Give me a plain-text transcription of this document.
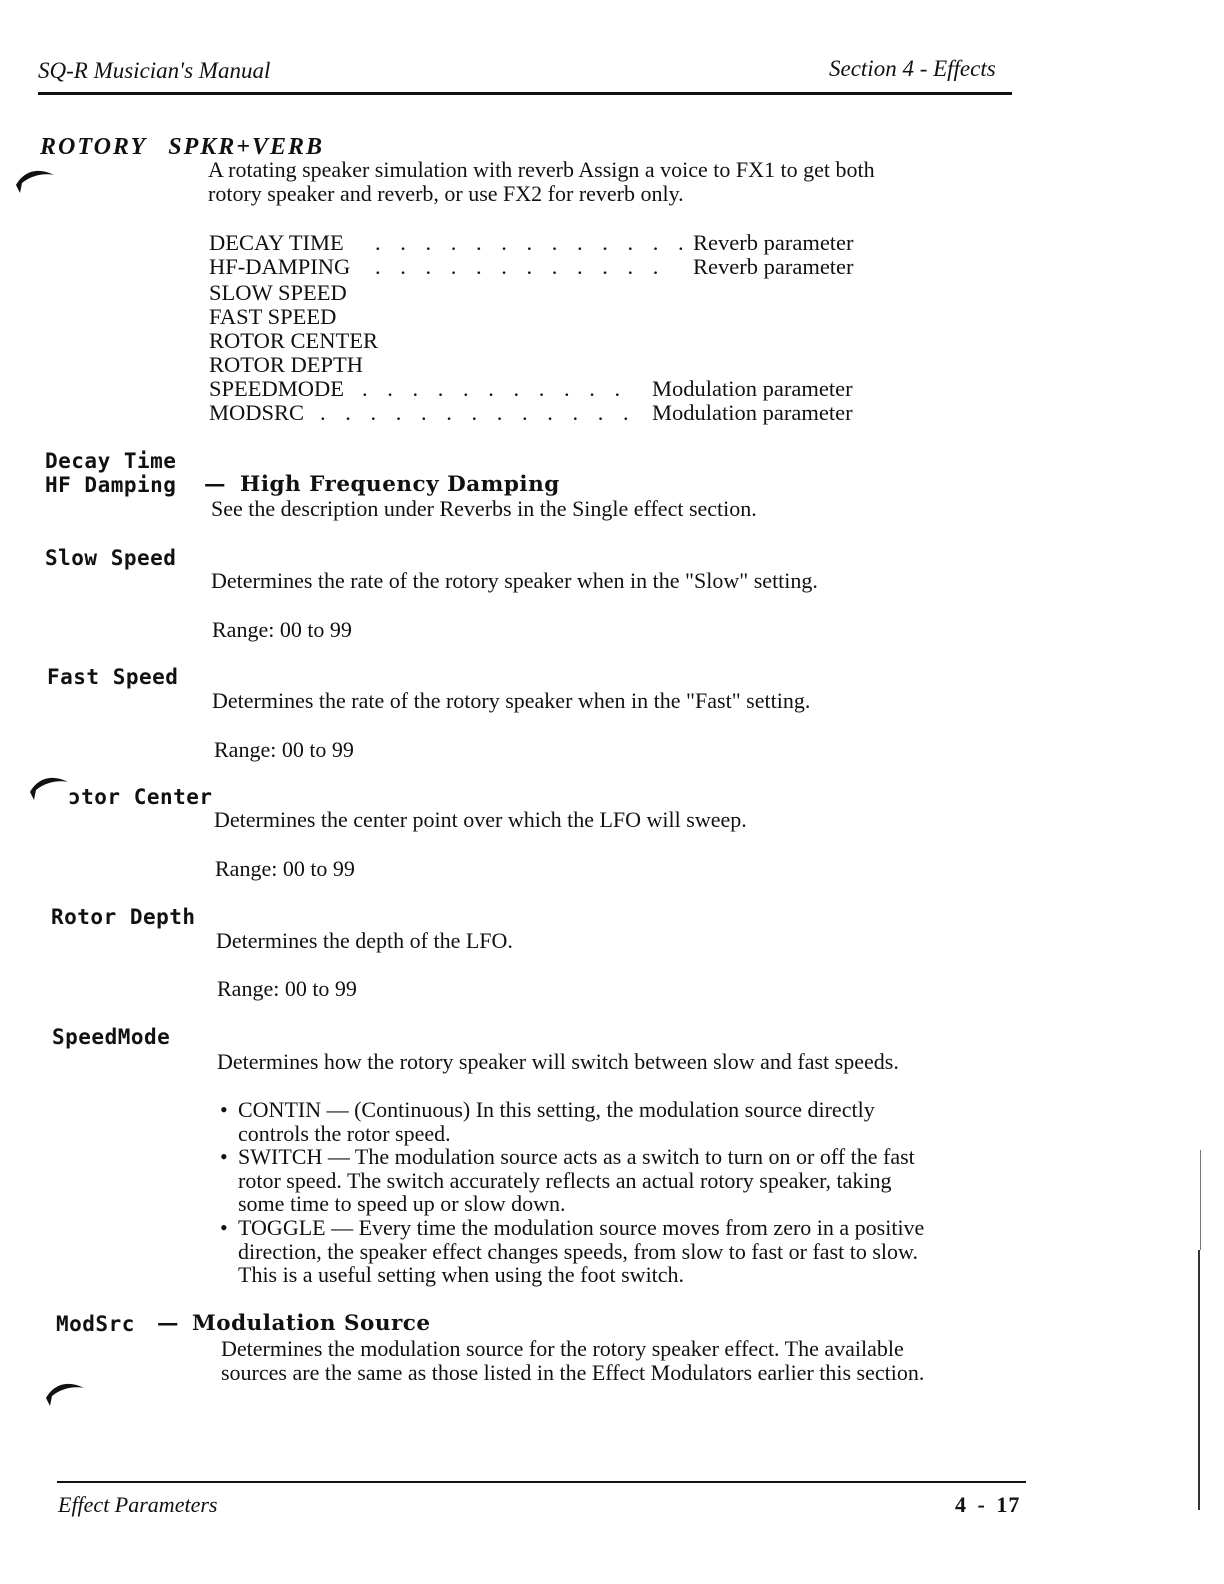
SQ-R Musician's Manual	Section 4 - Effects
ROTORY SPKR+VERB
A rotating speaker simulation with reverb Assign a voice to FX1 to get both
rotory speaker and reverb, or use FX2 for reverb only.
DECAY TIME . . . . . . . . . . . . . Reverb parameter
HF-DAMPING . . . . . . . . . . . . Reverb parameter
SLOW SPEED
FAST SPEED
ROTOR CENTER
ROTOR DEPTH
SPEEDMODE . . . . . . . . . . . Modulation parameter
MODSRC . . . . . . . . . . . . . Modulation parameter
Decay Time
HF Damping — High Frequency Damping
See the description under Reverbs in the Single effect section.
Slow Speed
Determines the rate of the rotory speaker when in the "Slow" setting.
Range: 00 to 99
Fast Speed
Determines the rate of the rotory speaker when in the "Fast" setting.
Range: 00 to 99
ɔtor Center
Determines the center point over which the LFO will sweep.
Range: 00 to 99
Rotor Depth
Determines the depth of the LFO.
Range: 00 to 99
SpeedMode
Determines how the rotory speaker will switch between slow and fast speeds.
• CONTIN — (Continuous) In this setting, the modulation source directly
controls the rotor speed.
• SWITCH — The modulation source acts as a switch to turn on or off the fast
rotor speed. The switch accurately reflects an actual rotory speaker, taking
some time to speed up or slow down.
• TOGGLE — Every time the modulation source moves from zero in a positive
direction, the speaker effect changes speeds, from slow to fast or fast to slow.
This is a useful setting when using the foot switch.
ModSrc — Modulation Source
Determines the modulation source for the rotory speaker effect. The available
sources are the same as those listed in the Effect Modulators earlier this section.
Effect Parameters	4 - 17
